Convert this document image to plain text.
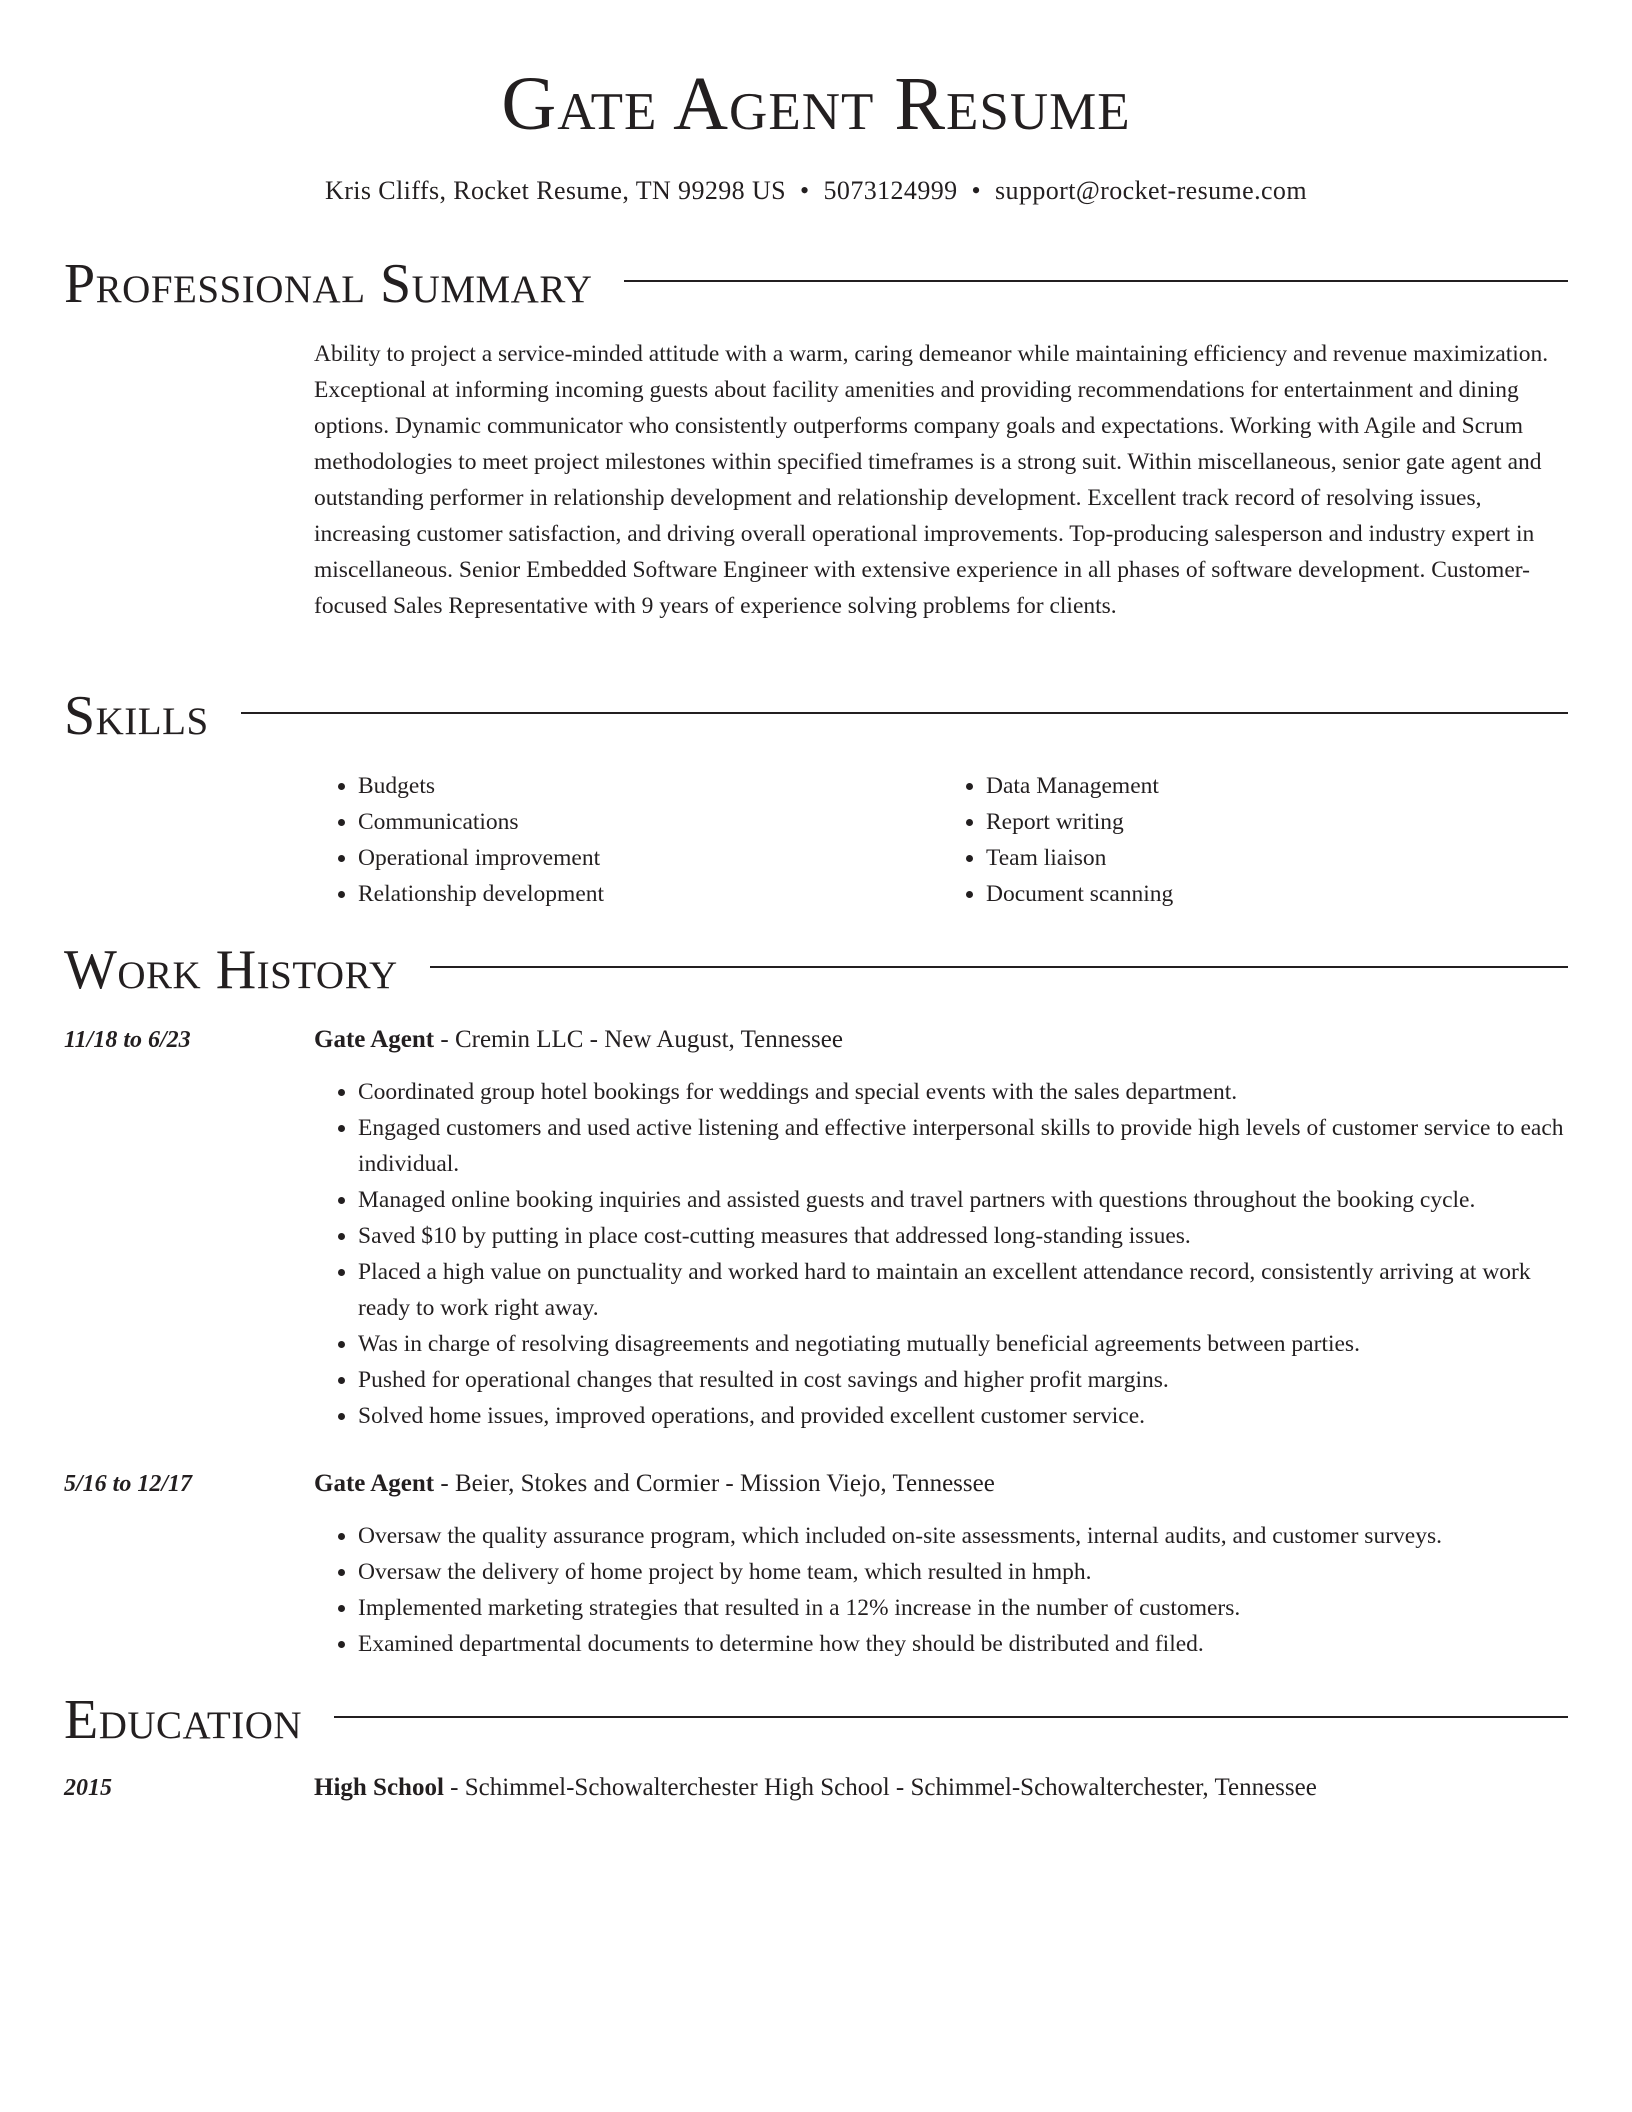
Gate Agent Resume
Kris Cliffs, Rocket Resume, TN 99298 US • 5073124999 • support@rocket-resume.com
Professional Summary
Ability to project a service-minded attitude with a warm, caring demeanor while maintaining efficiency and revenue maximization. Exceptional at informing incoming guests about facility amenities and providing recommendations for entertainment and dining options. Dynamic communicator who consistently outperforms company goals and expectations. Working with Agile and Scrum methodologies to meet project milestones within specified timeframes is a strong suit. Within miscellaneous, senior gate agent and outstanding performer in relationship development and relationship development. Excellent track record of resolving issues, increasing customer satisfaction, and driving overall operational improvements. Top-producing salesperson and industry expert in miscellaneous. Senior Embedded Software Engineer with extensive experience in all phases of software development. Customer-focused Sales Representative with 9 years of experience solving problems for clients.
Skills
• Budgets
• Communications
• Operational improvement
• Relationship development
• Data Management
• Report writing
• Team liaison
• Document scanning
Work History
11/18 to 6/23	Gate Agent - Cremin LLC - New August, Tennessee
• Coordinated group hotel bookings for weddings and special events with the sales department.
• Engaged customers and used active listening and effective interpersonal skills to provide high levels of customer service to each individual.
• Managed online booking inquiries and assisted guests and travel partners with questions throughout the booking cycle.
• Saved $10 by putting in place cost-cutting measures that addressed long-standing issues.
• Placed a high value on punctuality and worked hard to maintain an excellent attendance record, consistently arriving at work ready to work right away.
• Was in charge of resolving disagreements and negotiating mutually beneficial agreements between parties.
• Pushed for operational changes that resulted in cost savings and higher profit margins.
• Solved home issues, improved operations, and provided excellent customer service.
5/16 to 12/17	Gate Agent - Beier, Stokes and Cormier - Mission Viejo, Tennessee
• Oversaw the quality assurance program, which included on-site assessments, internal audits, and customer surveys.
• Oversaw the delivery of home project by home team, which resulted in hmph.
• Implemented marketing strategies that resulted in a 12% increase in the number of customers.
• Examined departmental documents to determine how they should be distributed and filed.
Education
2015	High School - Schimmel-Schowalterchester High School - Schimmel-Schowalterchester, Tennessee
